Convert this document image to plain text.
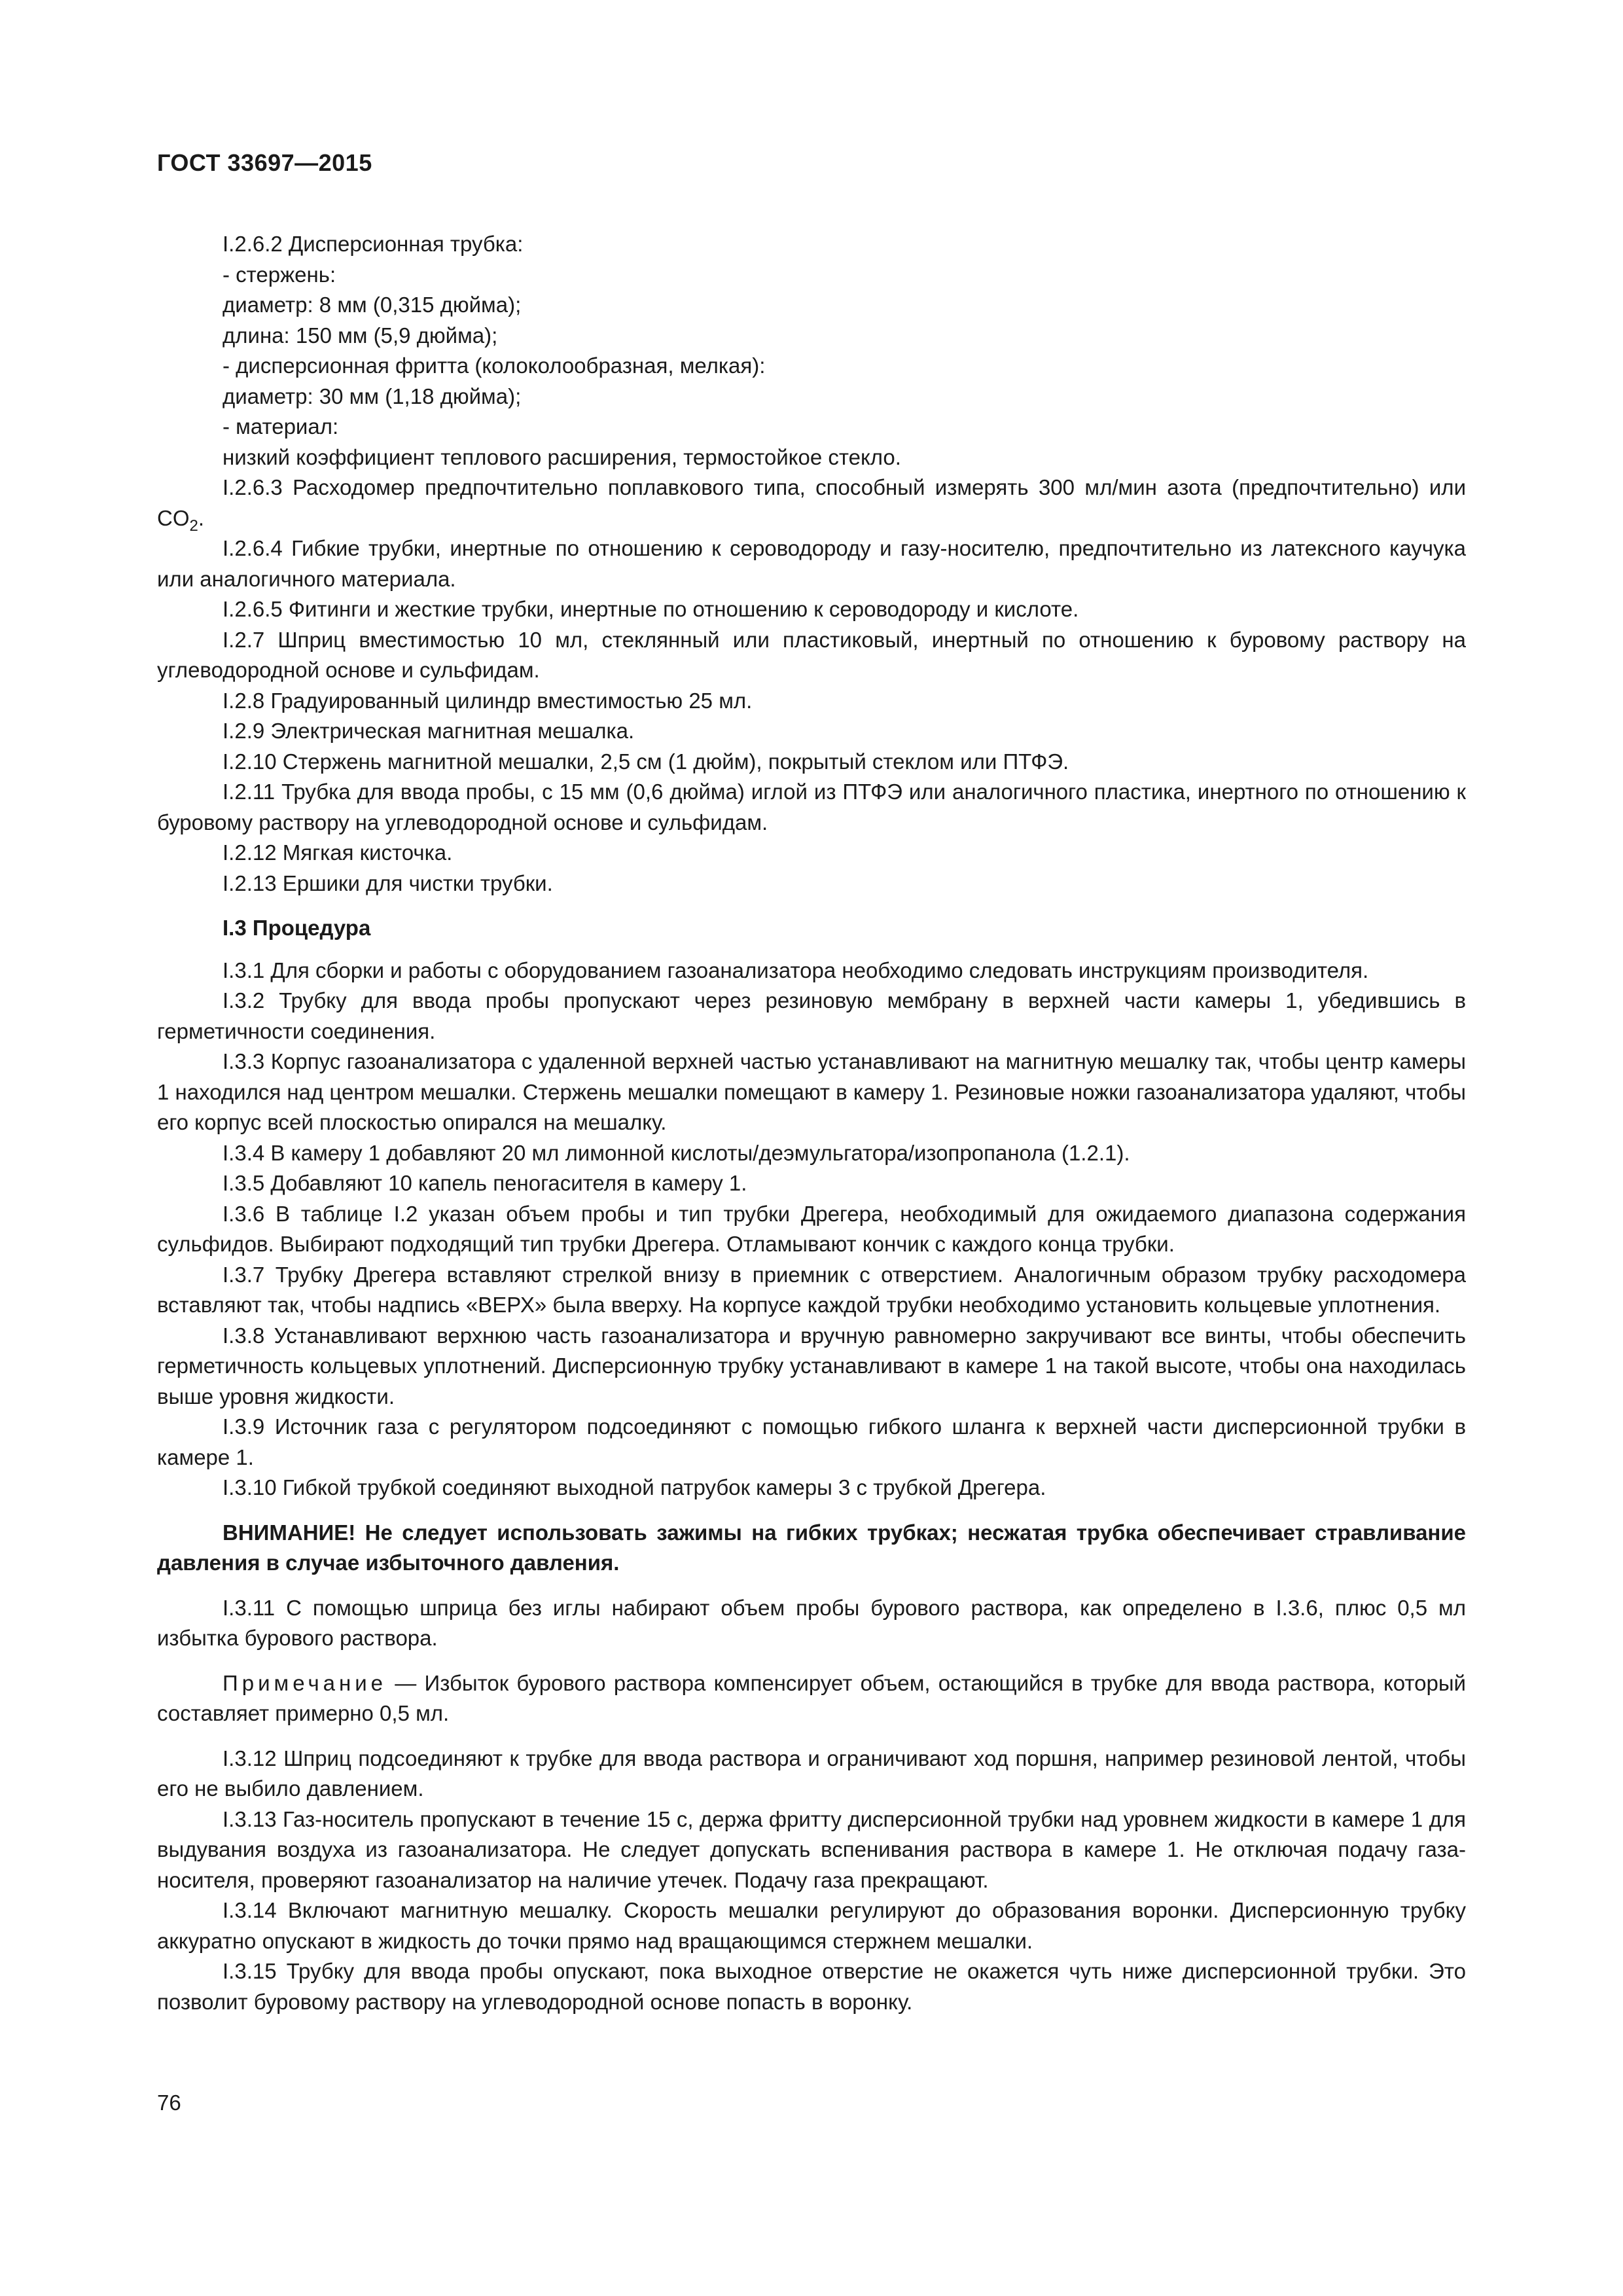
ГОСТ 33697—2015

I.2.6.2 Дисперсионная трубка:

- стержень:

диаметр: 8 мм (0,315 дюйма);

длина: 150 мм (5,9 дюйма);

- дисперсионная фритта (колоколообразная, мелкая):

диаметр: 30 мм (1,18 дюйма);

- материал:

низкий коэффициент теплового расширения, термостойкое стекло.

I.2.6.3 Расходомер предпочтительно поплавкового типа, способный измерять 300 мл/мин азота (предпочтительно) или $CO_2$.

I.2.6.4 Гибкие трубки, инертные по отношению к сероводороду и газу-носителю, предпочтительно из латексного каучука или аналогичного материала.

I.2.6.5 Фитинги и жесткие трубки, инертные по отношению к сероводороду и кислоте.

I.2.7 Шприц вместимостью 10 мл, стеклянный или пластиковый, инертный по отношению к буровому раствору на углеводородной основе и сульфидам.

I.2.8 Градуированный цилиндр вместимостью 25 мл.

I.2.9 Электрическая магнитная мешалка.

I.2.10 Стержень магнитной мешалки, 2,5 см (1 дюйм), покрытый стеклом или ПТФЭ.

I.2.11 Трубка для ввода пробы, с 15 мм (0,6 дюйма) иглой из ПТФЭ или аналогичного пластика, инертного по отношению к буровому раствору на углеводородной основе и сульфидам.

I.2.12 Мягкая кисточка.

I.2.13 Ершики для чистки трубки.

I.3 Процедура

I.3.1 Для сборки и работы с оборудованием газоанализатора необходимо следовать инструкциям производителя.

I.3.2 Трубку для ввода пробы пропускают через резиновую мембрану в верхней части камеры 1, убедившись в герметичности соединения.

I.3.3 Корпус газоанализатора с удаленной верхней частью устанавливают на магнитную мешалку так, чтобы центр камеры 1 находился над центром мешалки. Стержень мешалки помещают в камеру 1. Резиновые ножки газоанализатора удаляют, чтобы его корпус всей плоскостью опирался на мешалку.

I.3.4 В камеру 1 добавляют 20 мл лимонной кислоты/деэмульгатора/изопропанола (1.2.1).

I.3.5 Добавляют 10 капель пеногасителя в камеру 1.

I.3.6 В таблице I.2 указан объем пробы и тип трубки Дрегера, необходимый для ожидаемого диапазона содержания сульфидов. Выбирают подходящий тип трубки Дрегера. Отламывают кончик с каждого конца трубки.

I.3.7 Трубку Дрегера вставляют стрелкой внизу в приемник с отверстием. Аналогичным образом трубку расходомера вставляют так, чтобы надпись «ВЕРХ» была вверху. На корпусе каждой трубки необходимо установить кольцевые уплотнения.

I.3.8 Устанавливают верхнюю часть газоанализатора и вручную равномерно закручивают все винты, чтобы обеспечить герметичность кольцевых уплотнений. Дисперсионную трубку устанавливают в камере 1 на такой высоте, чтобы она находилась выше уровня жидкости.

I.3.9 Источник газа с регулятором подсоединяют с помощью гибкого шланга к верхней части дисперсионной трубки в камере 1.

I.3.10 Гибкой трубкой соединяют выходной патрубок камеры 3 с трубкой Дрегера.

ВНИМАНИЕ! Не следует использовать зажимы на гибких трубках; несжатая трубка обеспечивает стравливание давления в случае избыточного давления.

I.3.11 С помощью шприца без иглы набирают объем пробы бурового раствора, как определено в I.3.6, плюс 0,5 мл избытка бурового раствора.

Примечание — Избыток бурового раствора компенсирует объем, остающийся в трубке для ввода раствора, который составляет примерно 0,5 мл.

I.3.12 Шприц подсоединяют к трубке для ввода раствора и ограничивают ход поршня, например резиновой лентой, чтобы его не выбило давлением.

I.3.13 Газ-носитель пропускают в течение 15 с, держа фритту дисперсионной трубки над уровнем жидкости в камере 1 для выдувания воздуха из газоанализатора. Не следует допускать вспенивания раствора в камере 1. Не отключая подачу газа-носителя, проверяют газоанализатор на наличие утечек. Подачу газа прекращают.

I.3.14 Включают магнитную мешалку. Скорость мешалки регулируют до образования воронки. Дисперсионную трубку аккуратно опускают в жидкость до точки прямо над вращающимся стержнем мешалки.

I.3.15 Трубку для ввода пробы опускают, пока выходное отверстие не окажется чуть ниже дисперсионной трубки. Это позволит буровому раствору на углеводородной основе попасть в воронку.

76
